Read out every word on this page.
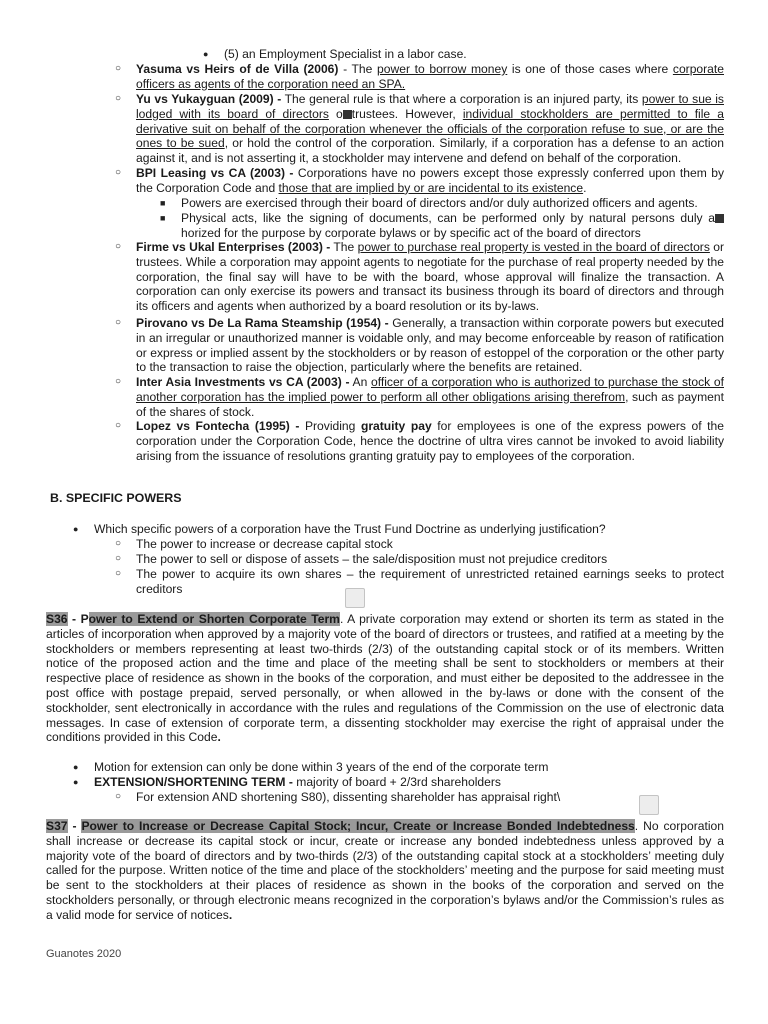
● (5) an Employment Specialist in a labor case.

○ Yasuma vs Heirs of de Villa (2006) - The power to borrow money is one of those cases where corporate officers as agents of the corporation need an SPA.

○ Yu vs Yukayguan (2009) - The general rule is that where a corporation is an injured party, its power to sue is lodged with its board of directors o trustees. However, individual stockholders are permitted to file a derivative suit on behalf of the corporation whenever the officials of the corporation refuse to sue, or are the ones to be sued, or hold the control of the corporation. Similarly, if a corporation has a defense to an action against it, and is not asserting it, a stockholder may intervene and defend on behalf of the corporation.

○ BPI Leasing vs CA (2003) - Corporations have no powers except those expressly conferred upon them by the Corporation Code and those that are implied by or are incidental to its existence.

■ Powers are exercised through their board of directors and/or duly authorized officers and agents.

■ Physical acts, like the signing of documents, can be performed only by natural persons duly ahorized for the purpose by corporate bylaws or by specific act of the board of directors

○ Firme vs Ukal Enterprises (2003) - The power to purchase real property is vested in the board of directors or trustees. While a corporation may appoint agents to negotiate for the purchase of real property needed by the corporation, the final say will have to be with the board, whose approval will finalize the transaction. A corporation can only exercise its powers and transact its business through its board of directors and through its officers and agents when authorized by a board resolution or its by-laws.

○ Pirovano vs De La Rama Steamship (1954) - Generally, a transaction within corporate powers but executed in an irregular or unauthorized manner is voidable only, and may become enforceable by reason of ratification or express or implied assent by the stockholders or by reason of estoppel of the corporation or the other party to the transaction to raise the objection, particularly where the benefits are retained.

○ Inter Asia Investments vs CA (2003) - An officer of a corporation who is authorized to purchase the stock of another corporation has the implied power to perform all other obligations arising therefrom, such as payment of the shares of stock.

○ Lopez vs Fontecha (1995) - Providing gratuity pay for employees is one of the express powers of the corporation under the Corporation Code, hence the doctrine of ultra vires cannot be invoked to avoid liability arising from the issuance of resolutions granting gratuity pay to employees of the corporation.

B. SPECIFIC POWERS
● Which specific powers of a corporation have the Trust Fund Doctrine as underlying justification?

○ The power to increase or decrease capital stock

○ The power to sell or dispose of assets – the sale/disposition must not prejudice creditors

○ The power to acquire its own shares – the requirement of unrestricted retained earnings seeks to protect creditors

S36 - Power to Extend or Shorten Corporate Term. A private corporation may extend or shorten its term as stated in the articles of incorporation when approved by a majority vote of the board of directors or trustees, and ratified at a meeting by the stockholders or members representing at least two-thirds (2/3) of the outstanding capital stock or of its members. Written notice of the proposed action and the time and place of the meeting shall be sent to stockholders or members at their respective place of residence as shown in the books of the corporation, and must either be deposited to the addressee in the post office with postage prepaid, served personally, or when allowed in the by-laws or done with the consent of the stockholder, sent electronically in accordance with the rules and regulations of the Commission on the use of electronic data messages. In case of extension of corporate term, a dissenting stockholder may exercise the right of appraisal under the conditions provided in this Code.

● Motion for extension can only be done within 3 years of the end of the corporate term

● EXTENSION/SHORTENING TERM - majority of board + 2/3rd shareholders

○ For extension AND shortening S80), dissenting shareholder has appraisal right\

S37 - Power to Increase or Decrease Capital Stock; Incur, Create or Increase Bonded Indebtedness. No corporation shall increase or decrease its capital stock or incur, create or increase any bonded indebtedness unless approved by a majority vote of the board of directors and by two-thirds (2/3) of the outstanding capital stock at a stockholders’ meeting duly called for the purpose. Written notice of the time and place of the stockholders’ meeting and the purpose for said meeting must be sent to the stockholders at their places of residence as shown in the books of the corporation and served on the stockholders personally, or through electronic means recognized in the corporation’s bylaws and/or the Commission’s rules as a valid mode for service of notices.

Guanotes 2020
